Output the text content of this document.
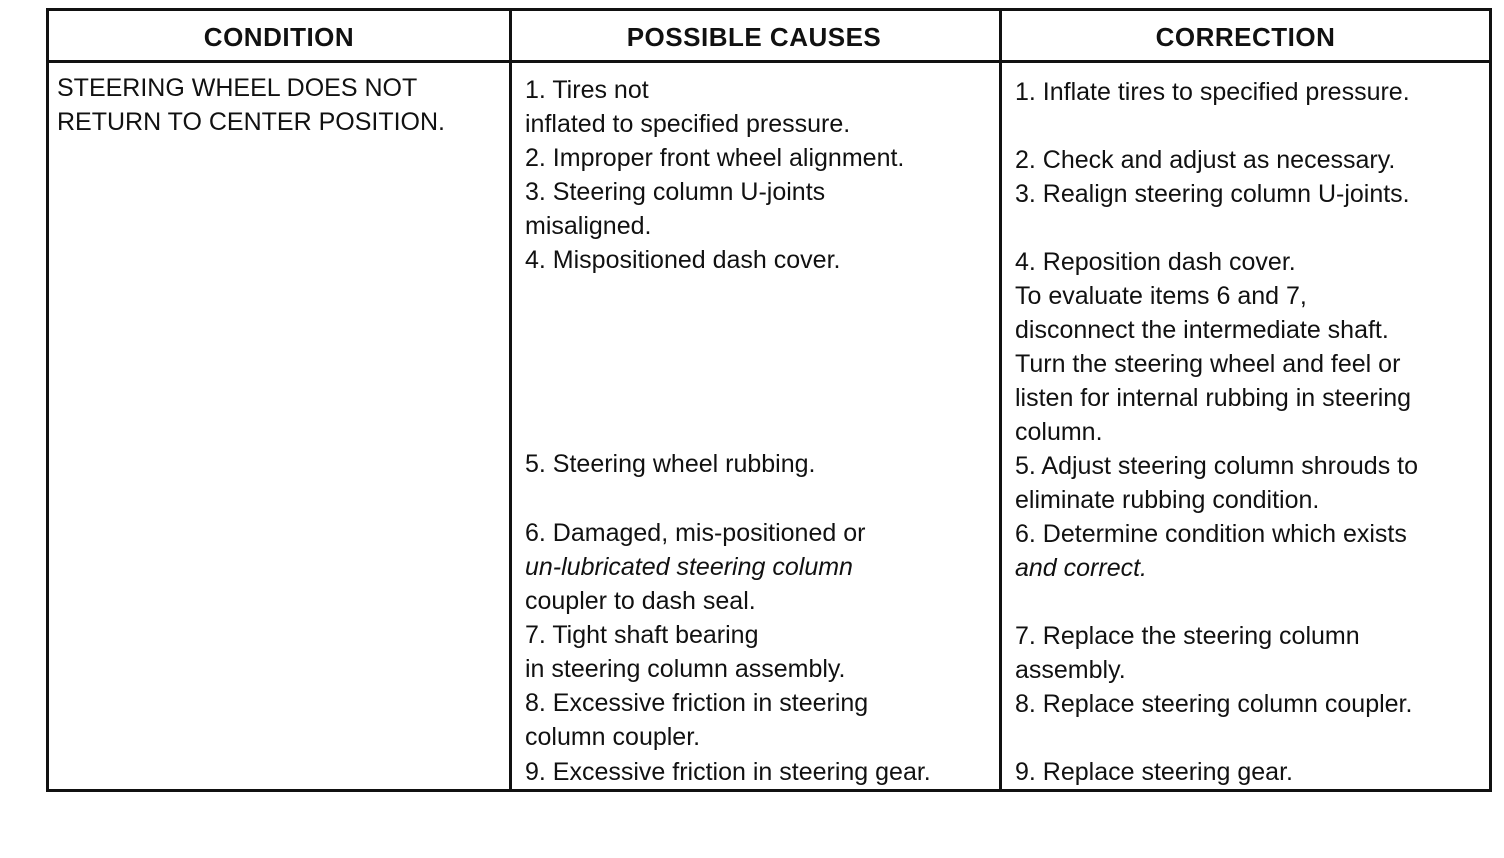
CONDITION	POSSIBLE CAUSES	CORRECTION
STEERING WHEEL DOES NOT RETURN TO CENTER POSITION.
1. Tires not
inflated to specified pressure.
2. Improper front wheel alignment.
3. Steering column U-joints
misaligned.
4. Mispositioned dash cover.
5. Steering wheel rubbing.
6. Damaged, mis-positioned or
un-lubricated steering column
coupler to dash seal.
7. Tight shaft bearing
in steering column assembly.
8. Excessive friction in steering
column coupler.
9. Excessive friction in steering gear.
1. Inflate tires to specified pressure.
2. Check and adjust as necessary.
3. Realign steering column U-joints.
4. Reposition dash cover.
To evaluate items 6 and 7,
disconnect the intermediate shaft.
Turn the steering wheel and feel or
listen for internal rubbing in steering
column.
5. Adjust steering column shrouds to
eliminate rubbing condition.
6. Determine condition which exists
and correct.
7. Replace the steering column
assembly.
8. Replace steering column coupler.
9. Replace steering gear.
